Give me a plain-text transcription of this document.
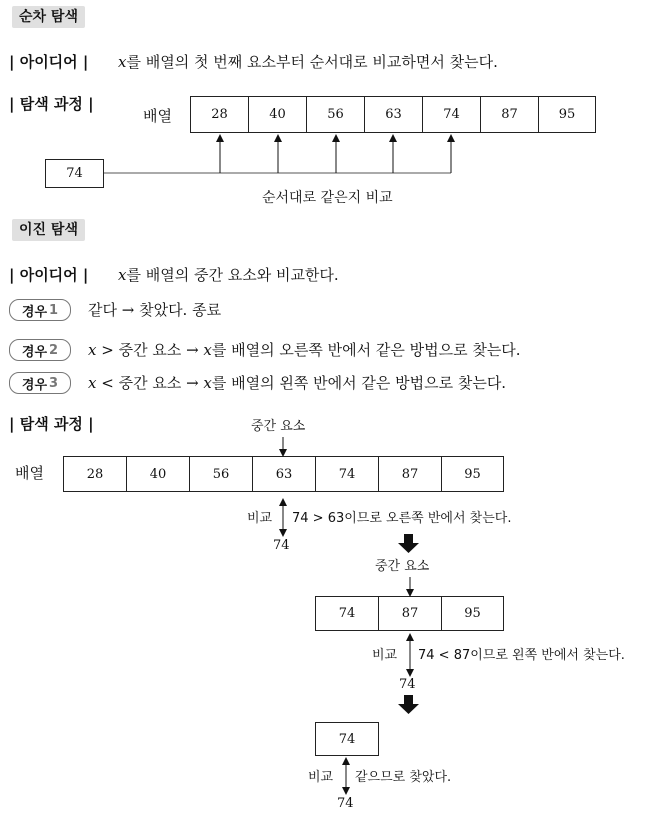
순차 탐색
| 아이디어 | x를 배열의 첫 번째 요소부터 순서대로 비교하면서 찾는다.
| 탐색 과정 |
배열	28	40	56	63	74	87	95
74
순서대로 같은지 비교
이진 탐색
| 아이디어 | x를 배열의 중간 요소와 비교한다.
경우 1 같다 → 찾았다. 종료
경우 2 x > 중간 요소 → x를 배열의 오른쪽 반에서 같은 방법으로 찾는다.
경우 3 x < 중간 요소 → x를 배열의 왼쪽 반에서 같은 방법으로 찾는다.
| 탐색 과정 |	중간 요소
배열	28	40	56	63	74	87	95
비교 74 > 63이므로 오른쪽 반에서 찾는다.
74
중간 요소
74	87	95
비교 74 < 87이므로 왼쪽 반에서 찾는다.
74
74
비교 같으므로 찾았다.
74
